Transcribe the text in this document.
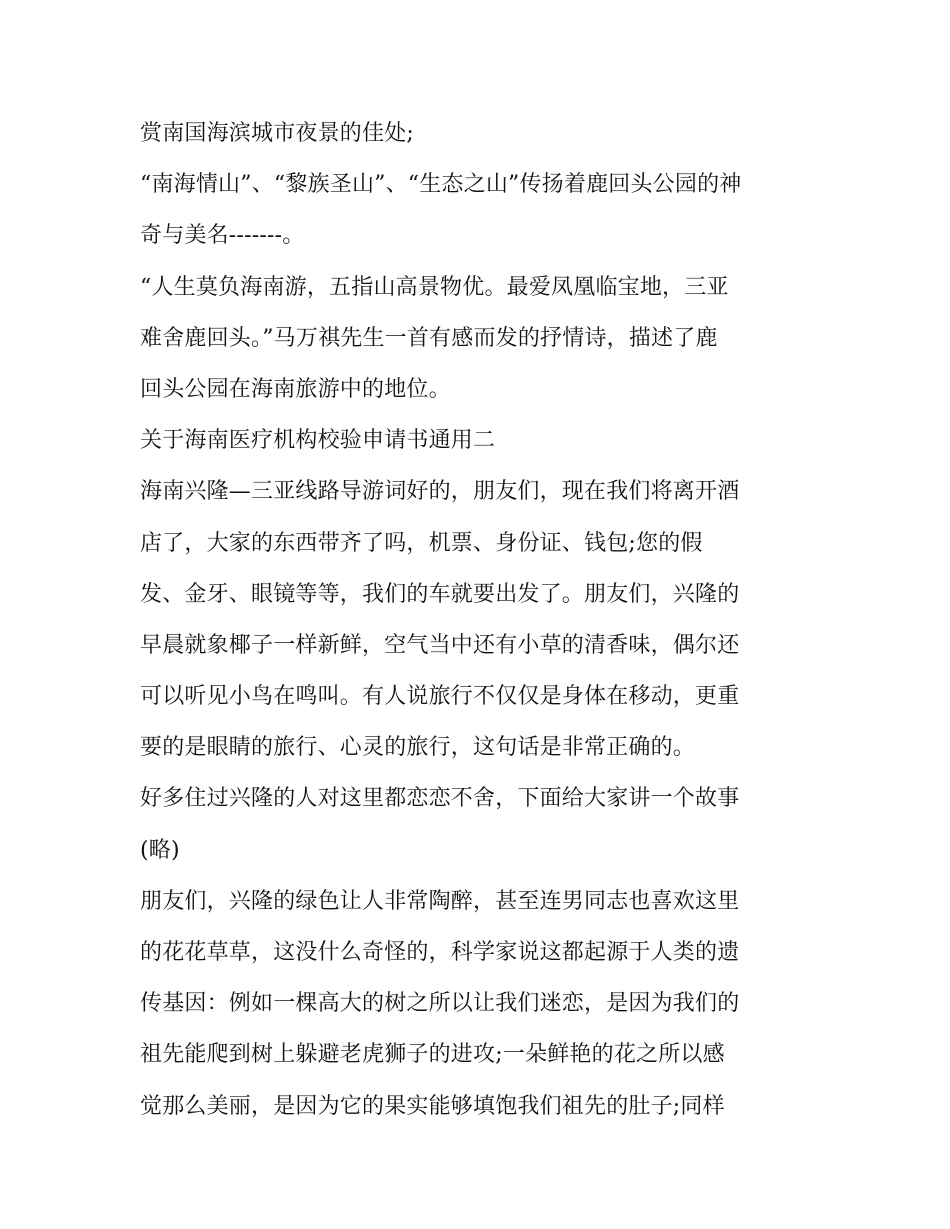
赏南国海滨城市夜景的佳处;
“南海情山”、“黎族圣山”、“生态之山”传扬着鹿回头公园的神
奇与美名-------。
“人生莫负海南游，五指山高景物优。最爱凤凰临宝地，三亚
难舍鹿回头。”马万祺先生一首有感而发的抒情诗，描述了鹿
回头公园在海南旅游中的地位。
关于海南医疗机构校验申请书通用二
海南兴隆—三亚线路导游词好的，朋友们，现在我们将离开酒
店了，大家的东西带齐了吗，机票、身份证、钱包;您的假
发、金牙、眼镜等等，我们的车就要出发了。朋友们，兴隆的
早晨就象椰子一样新鲜，空气当中还有小草的清香味，偶尔还
可以听见小鸟在鸣叫。有人说旅行不仅仅是身体在移动，更重
要的是眼睛的旅行、心灵的旅行，这句话是非常正确的。
好多住过兴隆的人对这里都恋恋不舍，下面给大家讲一个故事
(略)
朋友们，兴隆的绿色让人非常陶醉，甚至连男同志也喜欢这里
的花花草草，这没什么奇怪的，科学家说这都起源于人类的遗
传基因：例如一棵高大的树之所以让我们迷恋，是因为我们的
祖先能爬到树上躲避老虎狮子的进攻;一朵鲜艳的花之所以感
觉那么美丽，是因为它的果实能够填饱我们祖先的肚子;同样
